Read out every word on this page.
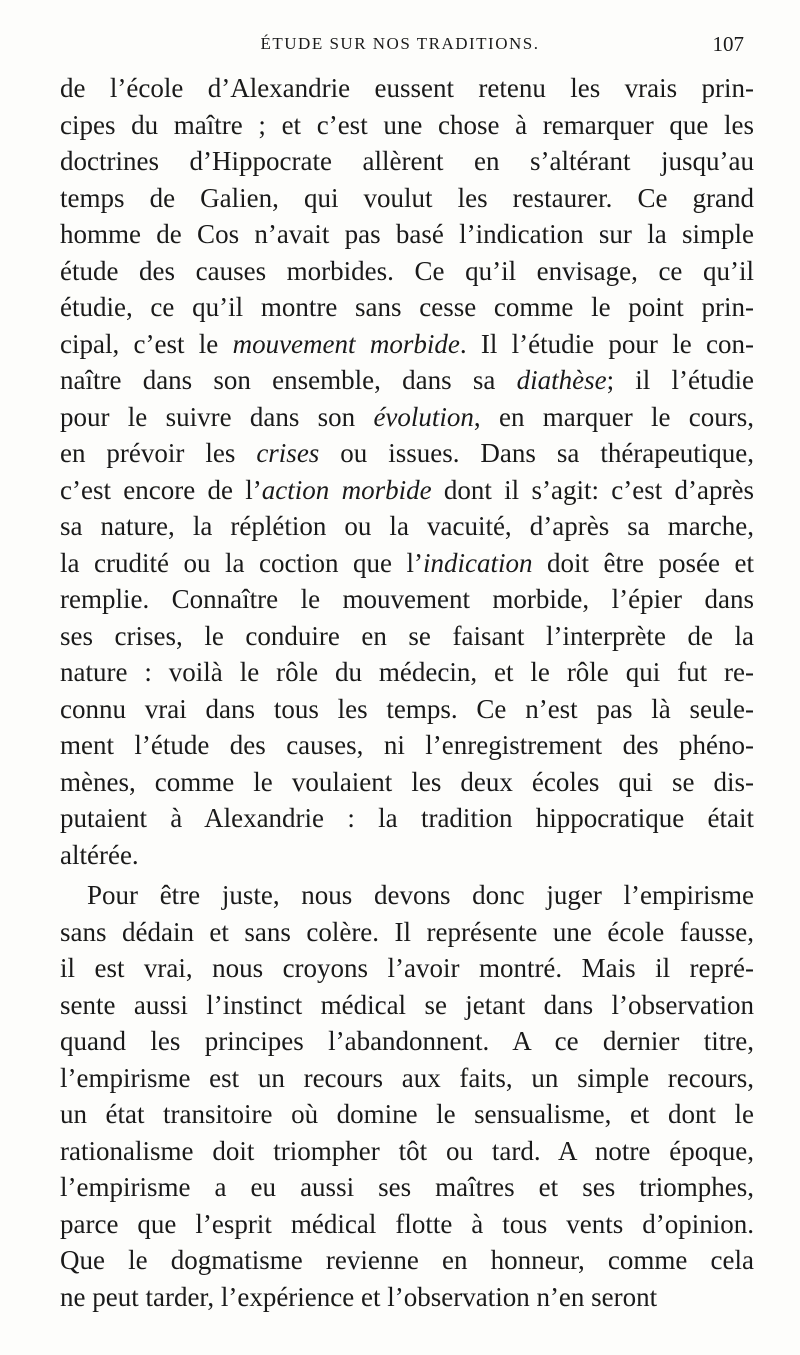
ÉTUDE SUR NOS TRADITIONS.	107
de l’école d’Alexandrie eussent retenu les vrais prin-
cipes du maître ; et c’est une chose à remarquer que les
doctrines d’Hippocrate allèrent en s’altérant jusqu’au
temps de Galien, qui voulut les restaurer. Ce grand
homme de Cos n’avait pas basé l’indication sur la simple
étude des causes morbides. Ce qu’il envisage, ce qu’il
étudie, ce qu’il montre sans cesse comme le point prin-
cipal, c’est le mouvement morbide. Il l’étudie pour le con-
naître dans son ensemble, dans sa diathèse; il l’étudie
pour le suivre dans son évolution, en marquer le cours,
en prévoir les crises ou issues. Dans sa thérapeutique,
c’est encore de l’action morbide dont il s’agit: c’est d’après
sa nature, la réplétion ou la vacuité, d’après sa marche,
la crudité ou la coction que l’indication doit être posée et
remplie. Connaître le mouvement morbide, l’épier dans
ses crises, le conduire en se faisant l’interprète de la
nature : voilà le rôle du médecin, et le rôle qui fut re-
connu vrai dans tous les temps. Ce n’est pas là seule-
ment l’étude des causes, ni l’enregistrement des phéno-
mènes, comme le voulaient les deux écoles qui se dis-
putaient à Alexandrie : la tradition hippocratique était
altérée.
Pour être juste, nous devons donc juger l’empirisme
sans dédain et sans colère. Il représente une école fausse,
il est vrai, nous croyons l’avoir montré. Mais il repré-
sente aussi l’instinct médical se jetant dans l’observation
quand les principes l’abandonnent. A ce dernier titre,
l’empirisme est un recours aux faits, un simple recours,
un état transitoire où domine le sensualisme, et dont le
rationalisme doit triompher tôt ou tard. A notre époque,
l’empirisme a eu aussi ses maîtres et ses triomphes,
parce que l’esprit médical flotte à tous vents d’opinion.
Que le dogmatisme revienne en honneur, comme cela
ne peut tarder, l’expérience et l’observation n’en seront
